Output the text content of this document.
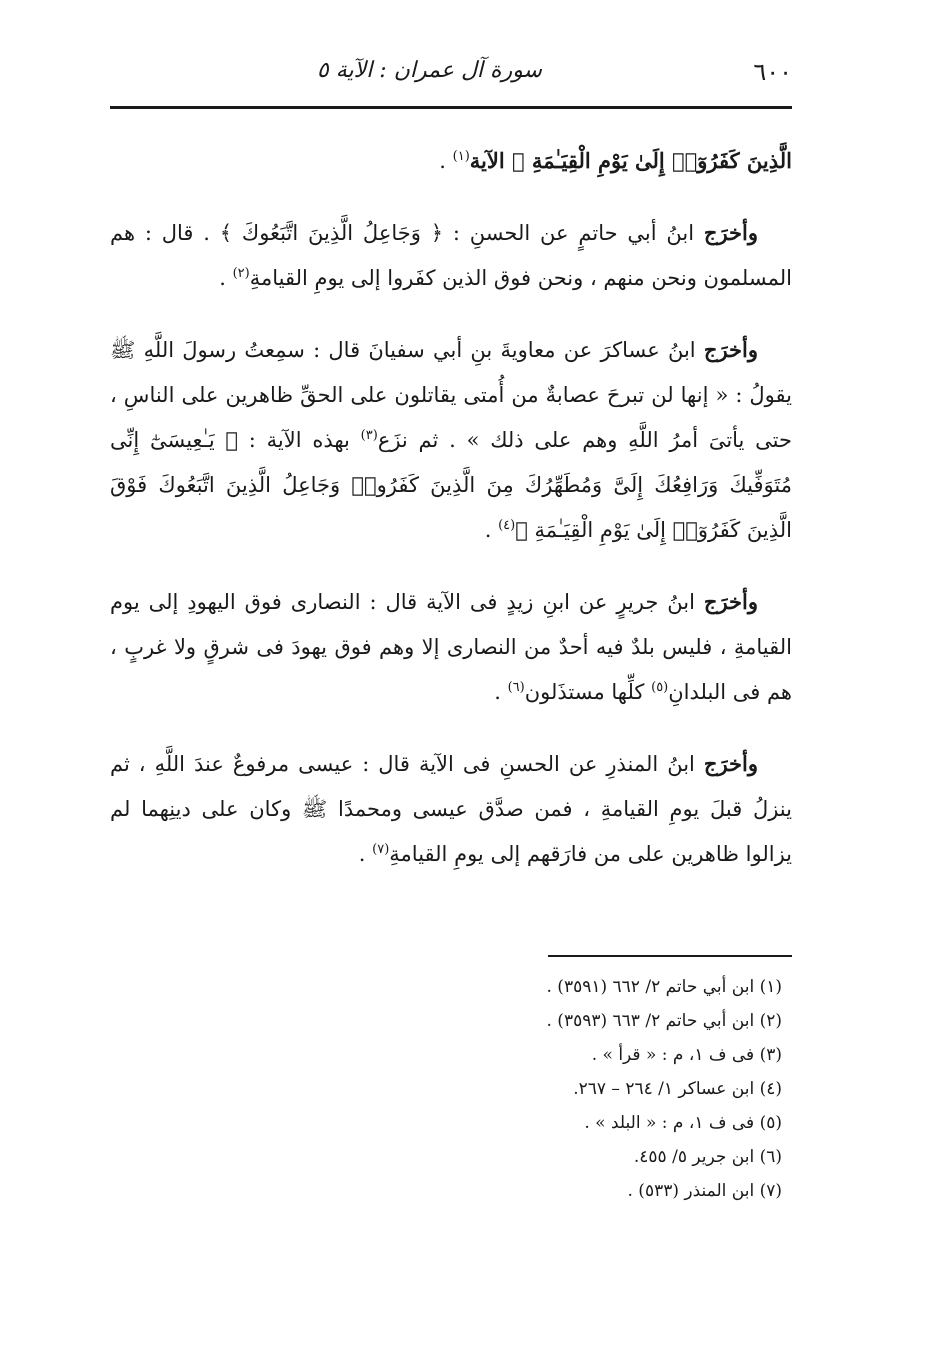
٦٠٠
سورة آل عمران : الآية ٥

الَّذِينَ كَفَرُوٓا۟ إِلَىٰ يَوْمِ الْقِيَـٰمَةِ ﴾ الآية$^{(١)}$ .

وأخرَج ابنُ أبي حاتمٍ عن الحسنِ : ﴿ وَجَاعِلُ الَّذِينَ اتَّبَعُوكَ ﴾ . قال : هم المسلمون ونحن منهم ، ونحن فوق الذين كفَروا إلى يومِ القيامةِ$^{(٢)}$ .

وأخرَج ابنُ عساكرَ عن معاويةَ بنِ أبي سفيانَ قال : سمِعتُ رسولَ اللَّهِ ﷺ يقولُ : « إنها لن تبرحَ عصابةٌ من أُمتى يقاتلون على الحقِّ ظاهرين على الناسِ ، حتى يأتىَ أمرُ اللَّهِ وهم على ذلك » . ثم نزَع$^{(٣)}$ بهذه الآية : ﴿ يَـٰعِيسَىٰٓ إِنِّى مُتَوَفِّيكَ وَرَافِعُكَ إِلَىَّ وَمُطَهِّرُكَ مِنَ الَّذِينَ كَفَرُوا۟ وَجَاعِلُ الَّذِينَ اتَّبَعُوكَ فَوْقَ الَّذِينَ كَفَرُوٓا۟ إِلَىٰ يَوْمِ الْقِيَـٰمَةِ ﴾$^{(٤)}$ .

وأخرَج ابنُ جريرٍ عن ابنِ زيدٍ فى الآية قال : النصارى فوق اليهودِ إلى يوم القيامةِ ، فليس بلدٌ فيه أحدٌ من النصارى إلا وهم فوق يهودَ فى شرقٍ ولا غربٍ ، هم فى البلدانِ$^{(٥)}$ كلِّها مستذَلون$^{(٦)}$ .

وأخرَج ابنُ المنذرِ عن الحسنِ فى الآية قال : عيسى مرفوعٌ عندَ اللَّهِ ، ثم ينزلُ قبلَ يومِ القيامةِ ، فمن صدَّق عيسى ومحمدًا ﷺ وكان على دينِهما لم يزالوا ظاهرين على من فارَقهم إلى يومِ القيامةِ$^{(٧)}$ .

(١) ابن أبي حاتم ٢/ ٦٦٢ (٣٥٩١) .

(٢) ابن أبي حاتم ٢/ ٦٦٣ (٣٥٩٣) .

(٣) فى ف ١، م : « قرأ » .

(٤) ابن عساكر ١/ ٢٦٤ – ٢٦٧.

(٥) فى ف ١، م : « البلد » .

(٦) ابن جرير ٥/ ٤٥٥.

(٧) ابن المنذر (٥٣٣) .
